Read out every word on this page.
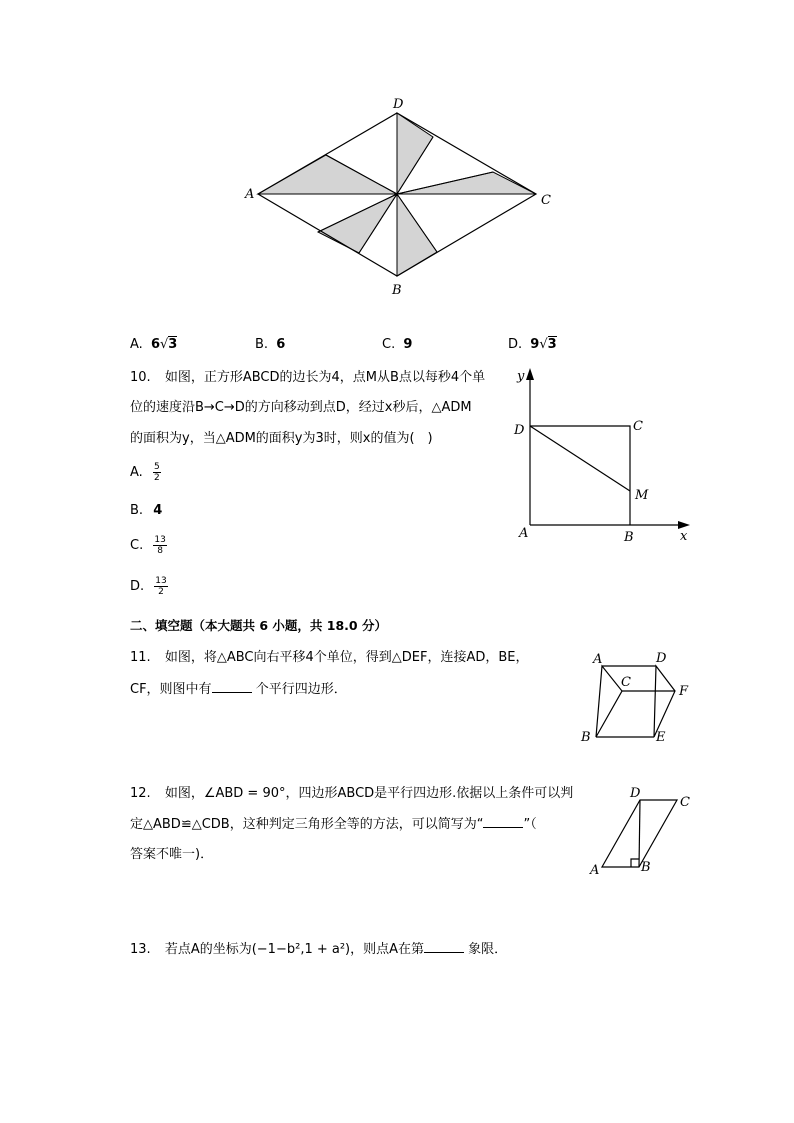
A	C
D
B
A. 6√3	B. 6	C. 9	D. 9√3
10. 如图，正方形ABCD的边长为4，点M从B点以每秒4个单
位的速度沿B→C→D的方向移动到点D，经过x秒后，△ADM
的面积为y，当△ADM的面积y为3时，则x的值为(　)
A. $\frac{5}{2}$
B. 4
C. $\frac{13}{8}$
D. $\frac{13}{2}$
y
D	C
M
A	B	x
二、填空题（本大题共 6 小题，共 18.0 分）
11. 如图，将△ABC向右平移4个单位，得到△DEF，连接AD，BE，
CF，则图中有	个平行四边形．
A	D
C
F
B	E
12. 如图，∠ABD = 90°，四边形ABCD是平行四边形.依据以上条件可以判
定△ABD≌△CDB，这种判定三角形全等的方法，可以简写为“	”（
答案不唯一)．
D
C
A	B
13. 若点A的坐标为(−1−b²,1 + a²)，则点A在第	象限．
